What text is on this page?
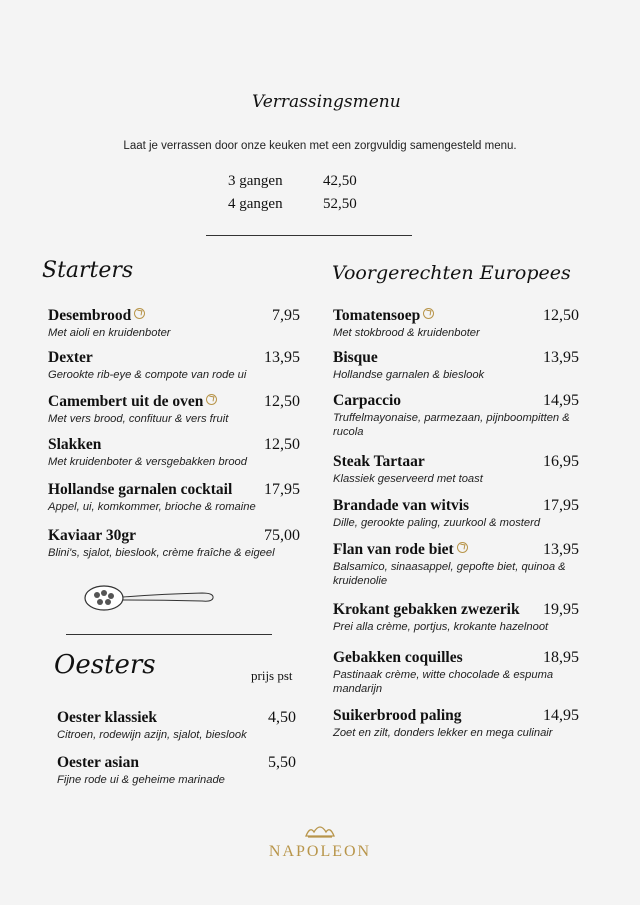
Verrassingsmenu
Laat je verrassen door onze keuken met een zorgvuldig samengesteld menu.
3 gangen	42,50
4 gangen	52,50
Starters	Voorgerechten Europees
Oesters	prijs pst
NAPOLEON
Desembrood	7,95
Met aioli en kruidenboter
Dexter	13,95
Gerookte rib-eye & compote van rode ui
Camembert uit de oven	12,50
Met vers brood, confituur & vers fruit
Slakken	12,50
Met kruidenboter & versgebakken brood
Hollandse garnalen cocktail	17,95
Appel, ui, komkommer, brioche & romaine
Kaviaar 30gr	75,00
Blini's, sjalot, bieslook, crème fraîche & eigeel
Tomatensoep	12,50
Met stokbrood & kruidenboter
Bisque	13,95
Hollandse garnalen & bieslook
Carpaccio	14,95
Truffelmayonaise, parmezaan, pijnboompitten & rucola
Steak Tartaar	16,95
Klassiek geserveerd met toast
Brandade van witvis	17,95
Dille, gerookte paling, zuurkool & mosterd
Flan van rode biet	13,95
Balsamico, sinaasappel, gepofte biet, quinoa & kruidenolie
Krokant gebakken zwezerik	19,95
Prei alla crème, portjus, krokante hazelnoot
Gebakken coquilles	18,95
Pastinaak crème, witte chocolade & espuma mandarijn
Suikerbrood paling	14,95
Zoet en zilt, donders lekker en mega culinair
Oester klassiek	4,50
Citroen, rodewijn azijn, sjalot, bieslook
Oester asian	5,50
Fijne rode ui & geheime marinade
